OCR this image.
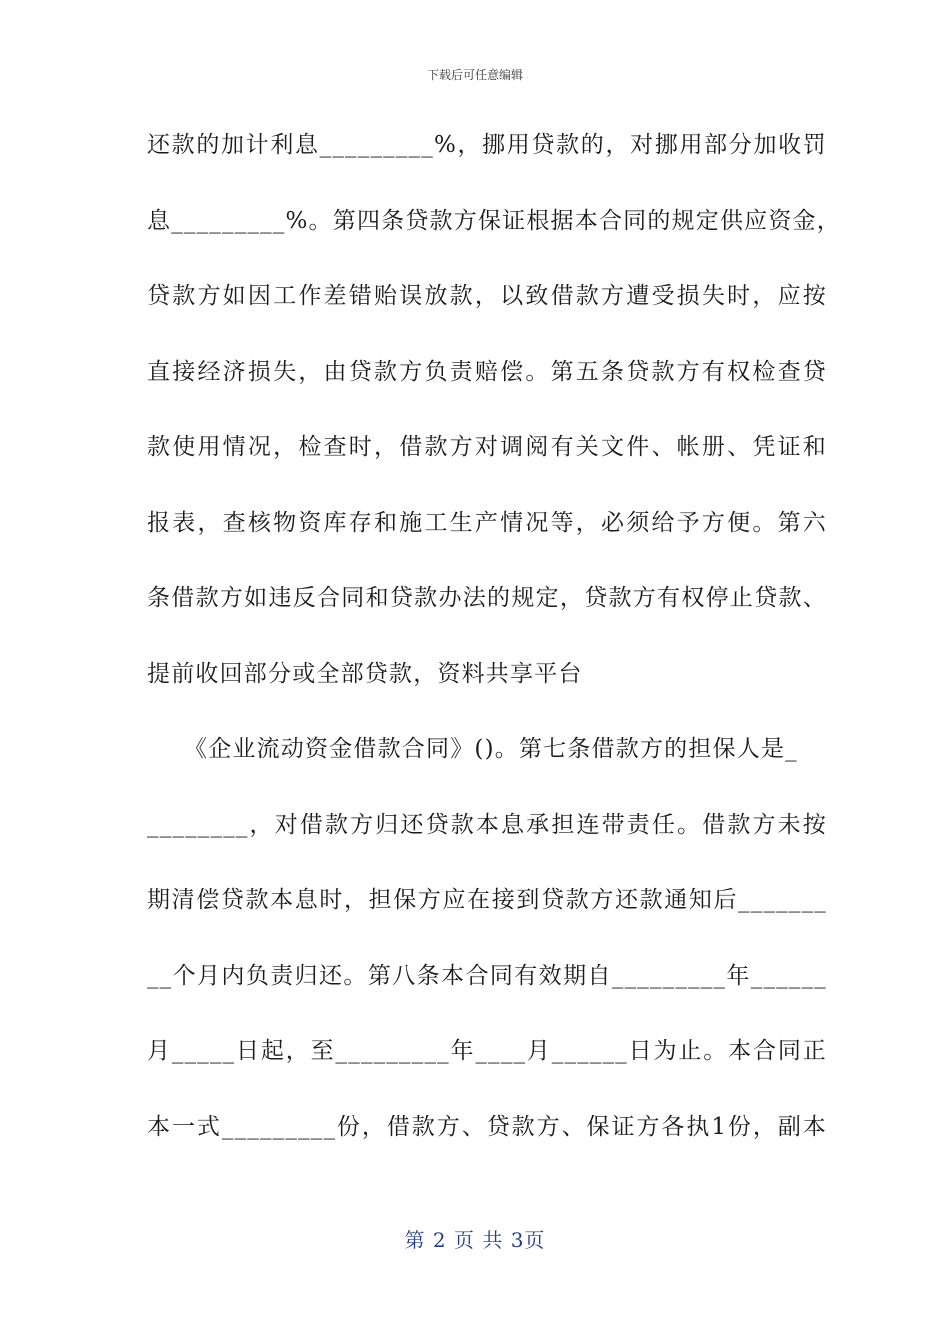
下载后可任意编辑
还款的加计利息_________%，挪用贷款的，对挪用部分加收罚
息_________%。第四条贷款方保证根据本合同的规定供应资金，
贷款方如因工作差错贻误放款，以致借款方遭受损失时，应按
直接经济损失，由贷款方负责赔偿。第五条贷款方有权检查贷
款使用情况，检查时，借款方对调阅有关文件、帐册、凭证和
报表，查核物资库存和施工生产情况等，必须给予方便。第六
条借款方如违反合同和贷款办法的规定，贷款方有权停止贷款、
提前收回部分或全部贷款，资料共享平台
《企业流动资金借款合同》()。第七条借款方的担保人是_
________，对借款方归还贷款本息承担连带责任。借款方未按
期清偿贷款本息时，担保方应在接到贷款方还款通知后_______
__个月内负责归还。第八条本合同有效期自_________年______
月_____日起，至_________年____月______日为止。本合同正
本一式_________份，借款方、贷款方、保证方各执1份，副本
第 2 页 共 3页
